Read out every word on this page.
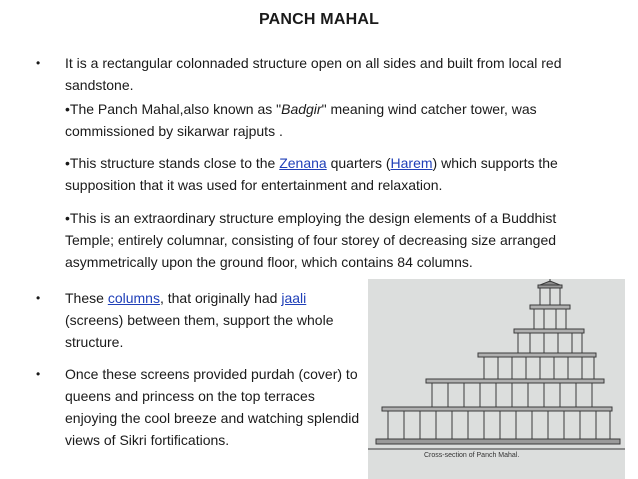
PANCH MAHAL
• It is a rectangular colonnaded structure open on all sides and built from local red sandstone.

•The Panch Mahal,also known as "Badgir" meaning wind catcher tower, was commissioned by sikarwar rajputs .

•This structure stands close to the Zenana quarters (Harem) which supports the supposition that it was used for entertainment and relaxation.

•This is an extraordinary structure employing the design elements of a Buddhist Temple; entirely columnar, consisting of four storey of decreasing size arranged asymmetrically upon the ground floor, which contains 84 columns.

• These columns, that originally had jaali (screens) between them, support the whole structure.

• Once these screens provided purdah (cover) to queens and princess on the top terraces enjoying the cool breeze and watching splendid views of Sikri fortifications.

Cross-section of Panch Mahal.
